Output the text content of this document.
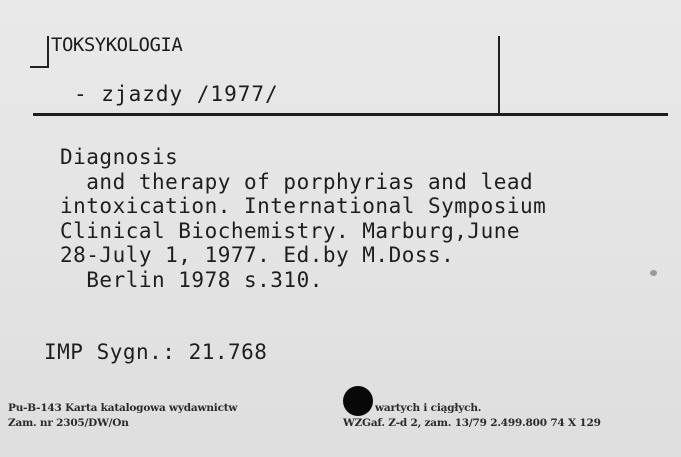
TOKSYKOLOGIA
- zjazdy /1977/
Diagnosis
and therapy of porphyrias and lead
intoxication. International Symposium
Clinical Biochemistry. Marburg,June
28-July 1, 1977. Ed.by M.Doss.
Berlin 1978 s.310.
IMP Sygn.: 21.768
Pu-B-143 Karta katalogowa wydawnictw	wartych i ciągłych.
Zam. nr 2305/DW/On	WZGaf. Z-d 2, zam. 13/79 2.499.800 74 X 129
